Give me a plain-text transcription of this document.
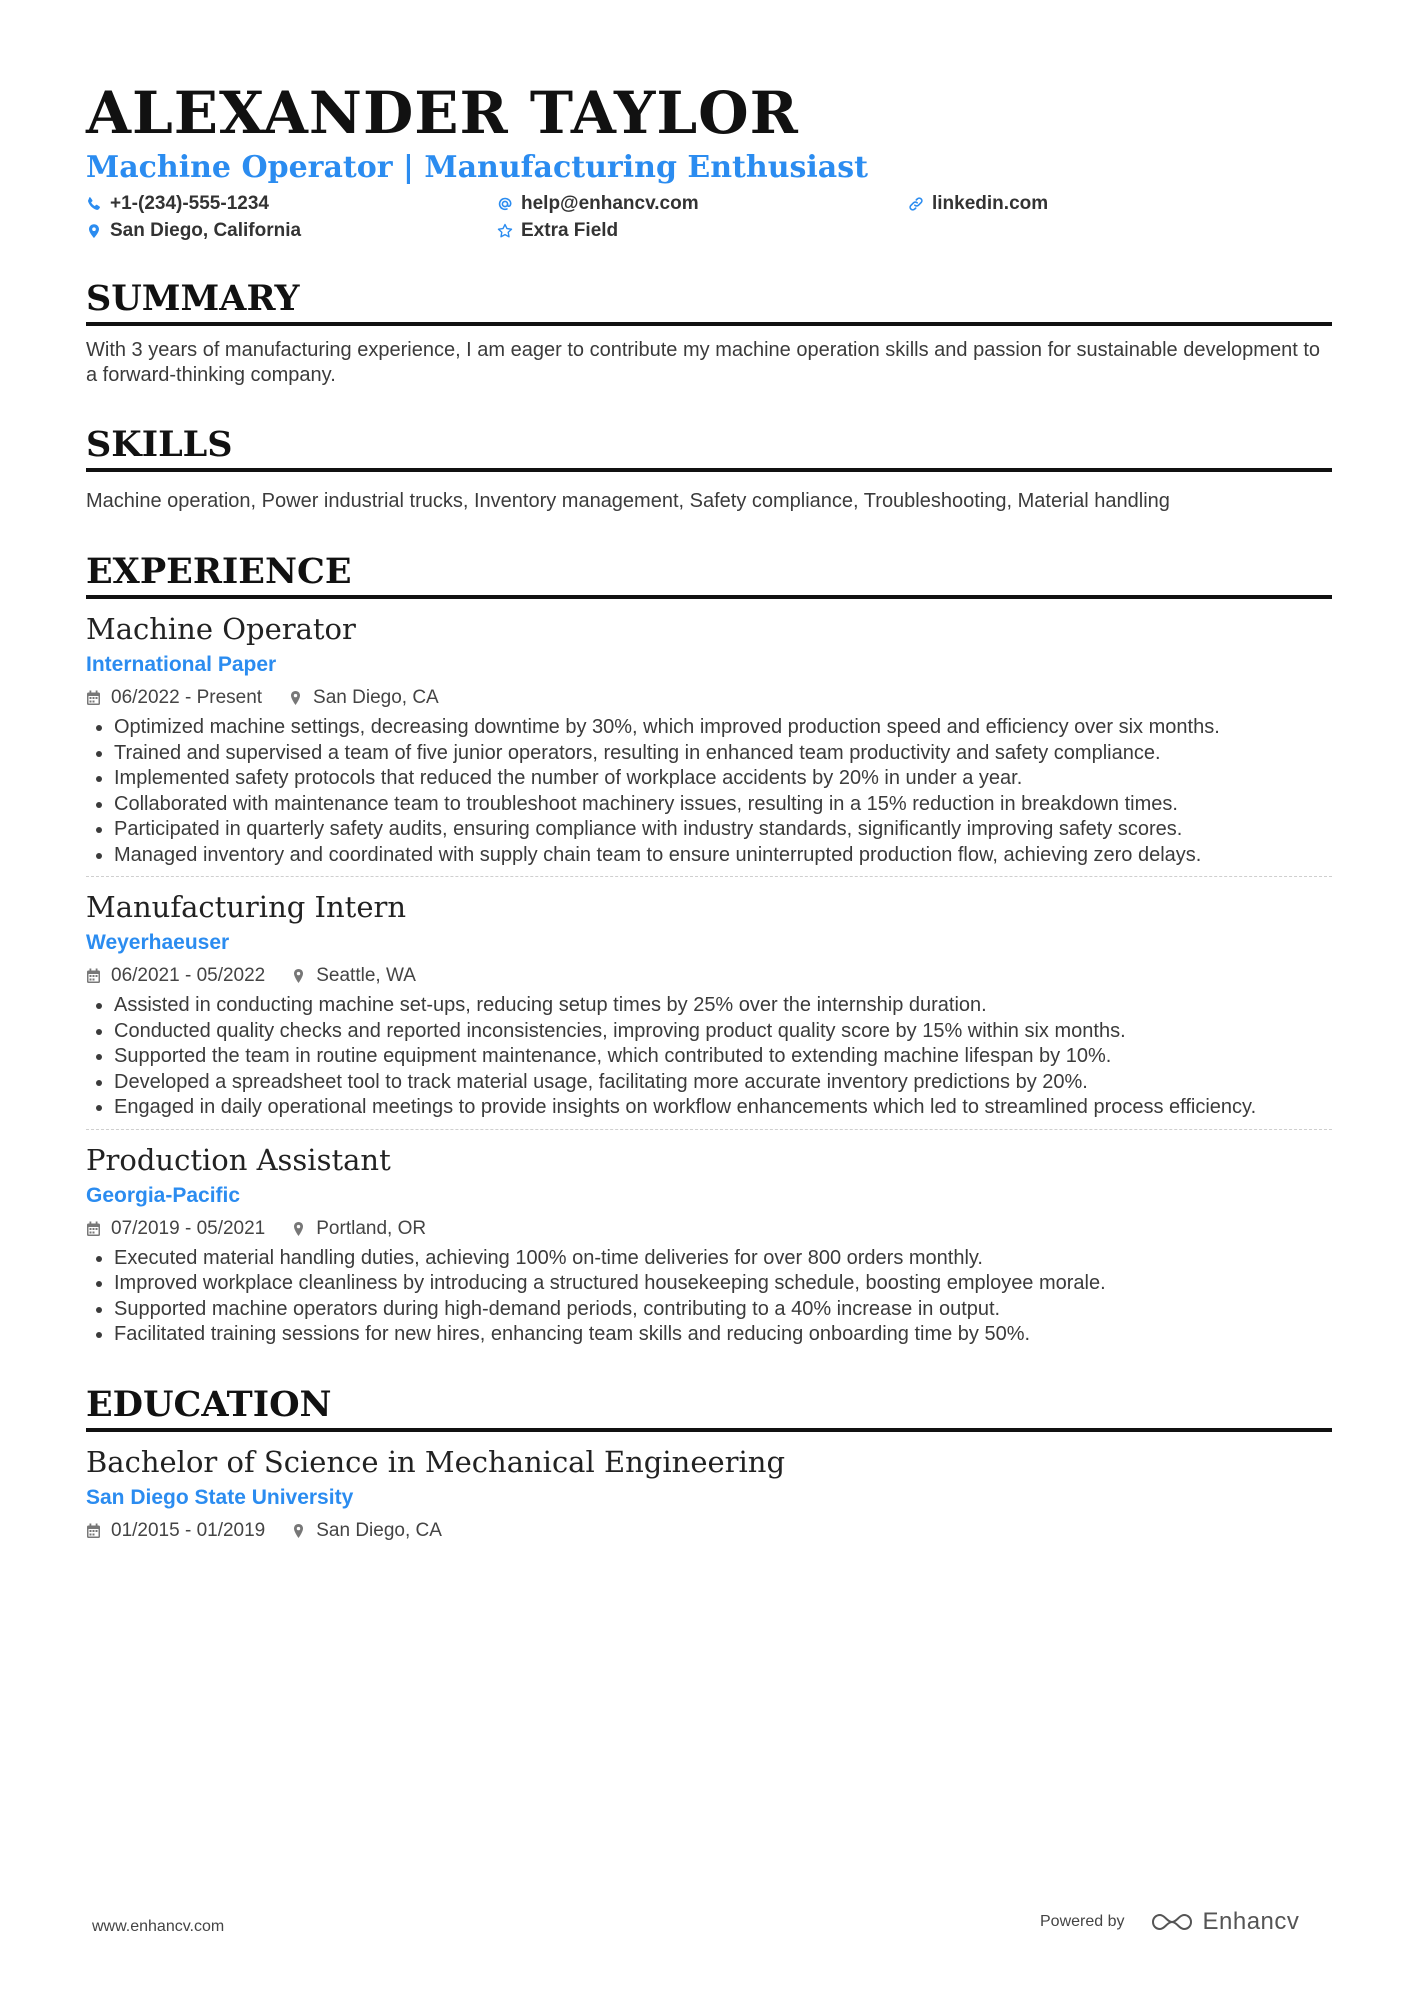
ALEXANDER TAYLOR
Machine Operator | Manufacturing Enthusiast
+1-(234)-555-1234	help@enhancv.com	linkedin.com
San Diego, California	Extra Field
SUMMARY
With 3 years of manufacturing experience, I am eager to contribute my machine operation skills and passion for sustainable development to a forward-thinking company.
SKILLS
Machine operation, Power industrial trucks, Inventory management, Safety compliance, Troubleshooting, Material handling
EXPERIENCE
Machine Operator
International Paper
06/2022 - Present	San Diego, CA
• Optimized machine settings, decreasing downtime by 30%, which improved production speed and efficiency over six months.
• Trained and supervised a team of five junior operators, resulting in enhanced team productivity and safety compliance.
• Implemented safety protocols that reduced the number of workplace accidents by 20% in under a year.
• Collaborated with maintenance team to troubleshoot machinery issues, resulting in a 15% reduction in breakdown times.
• Participated in quarterly safety audits, ensuring compliance with industry standards, significantly improving safety scores.
• Managed inventory and coordinated with supply chain team to ensure uninterrupted production flow, achieving zero delays.
Manufacturing Intern
Weyerhaeuser
06/2021 - 05/2022	Seattle, WA
• Assisted in conducting machine set-ups, reducing setup times by 25% over the internship duration.
• Conducted quality checks and reported inconsistencies, improving product quality score by 15% within six months.
• Supported the team in routine equipment maintenance, which contributed to extending machine lifespan by 10%.
• Developed a spreadsheet tool to track material usage, facilitating more accurate inventory predictions by 20%.
• Engaged in daily operational meetings to provide insights on workflow enhancements which led to streamlined process efficiency.
Production Assistant
Georgia-Pacific
07/2019 - 05/2021	Portland, OR
• Executed material handling duties, achieving 100% on-time deliveries for over 800 orders monthly.
• Improved workplace cleanliness by introducing a structured housekeeping schedule, boosting employee morale.
• Supported machine operators during high-demand periods, contributing to a 40% increase in output.
• Facilitated training sessions for new hires, enhancing team skills and reducing onboarding time by 50%.
EDUCATION
Bachelor of Science in Mechanical Engineering
San Diego State University
01/2015 - 01/2019	San Diego, CA
www.enhancv.com	Powered by	Enhancv
